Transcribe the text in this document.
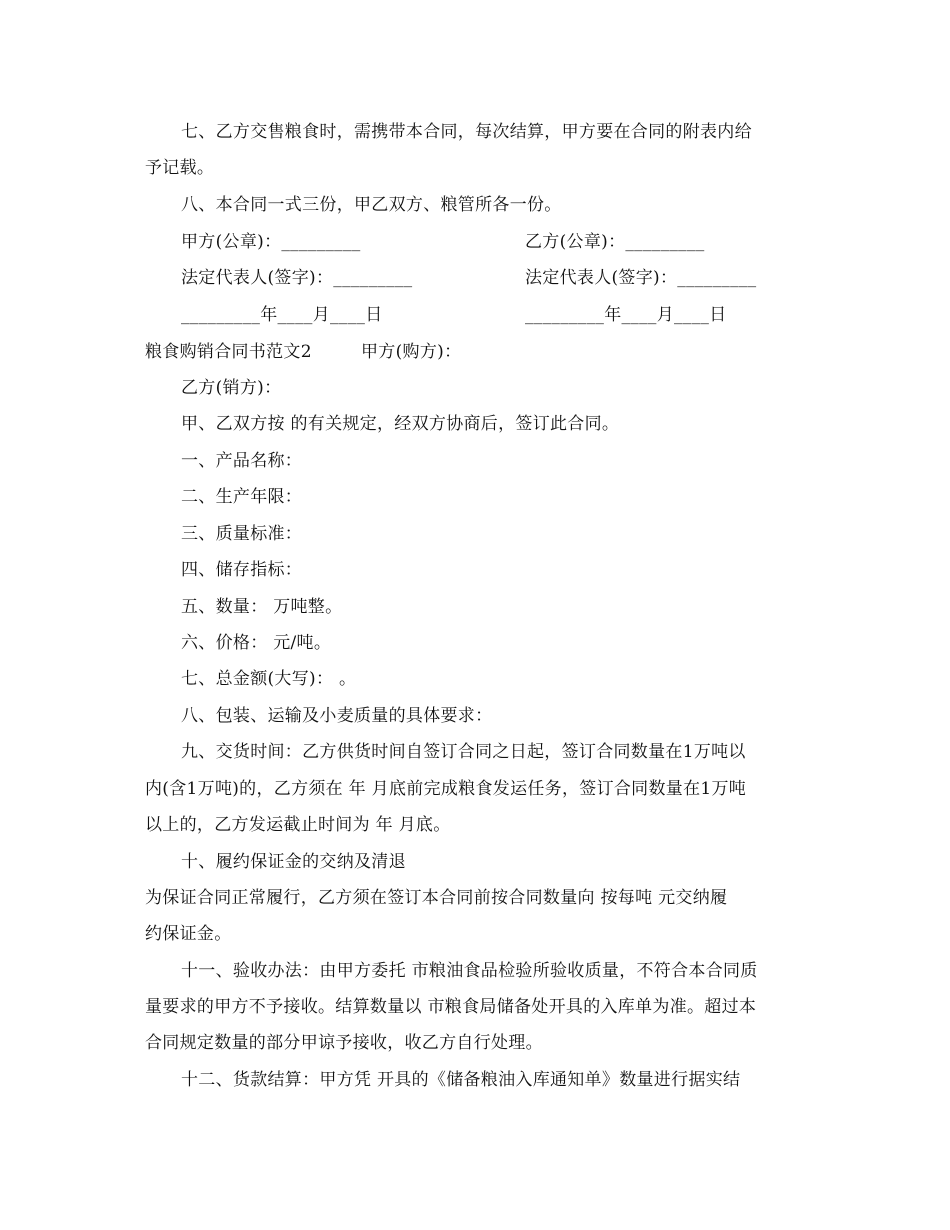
七、乙方交售粮食时，需携带本合同，每次结算，甲方要在合同的附表内给
予记载。
八、本合同一式三份，甲乙双方、粮管所各一份。
甲方(公章)：_________	乙方(公章)：_________
法定代表人(签字)：_________	法定代表人(签字)：_________
_________年____月____日	_________年____月____日
粮食购销合同书范文2	甲方(购方)：
乙方(销方)：
甲、乙双方按 的有关规定，经双方协商后，签订此合同。
一、产品名称：
二、生产年限：
三、质量标准：
四、储存指标：
五、数量： 万吨整。
六、价格： 元/吨。
七、总金额(大写)： 。
八、包装、运输及小麦质量的具体要求：
九、交货时间：乙方供货时间自签订合同之日起，签订合同数量在1万吨以
内(含1万吨)的，乙方须在 年 月底前完成粮食发运任务，签订合同数量在1万吨
以上的，乙方发运截止时间为 年 月底。
十、履约保证金的交纳及清退
为保证合同正常履行，乙方须在签订本合同前按合同数量向 按每吨 元交纳履
约保证金。
十一、验收办法：由甲方委托 市粮油食品检验所验收质量，不符合本合同质
量要求的甲方不予接收。结算数量以 市粮食局储备处开具的入库单为准。超过本
合同规定数量的部分甲谅予接收，收乙方自行处理。
十二、货款结算：甲方凭 开具的《储备粮油入库通知单》数量进行据实结
